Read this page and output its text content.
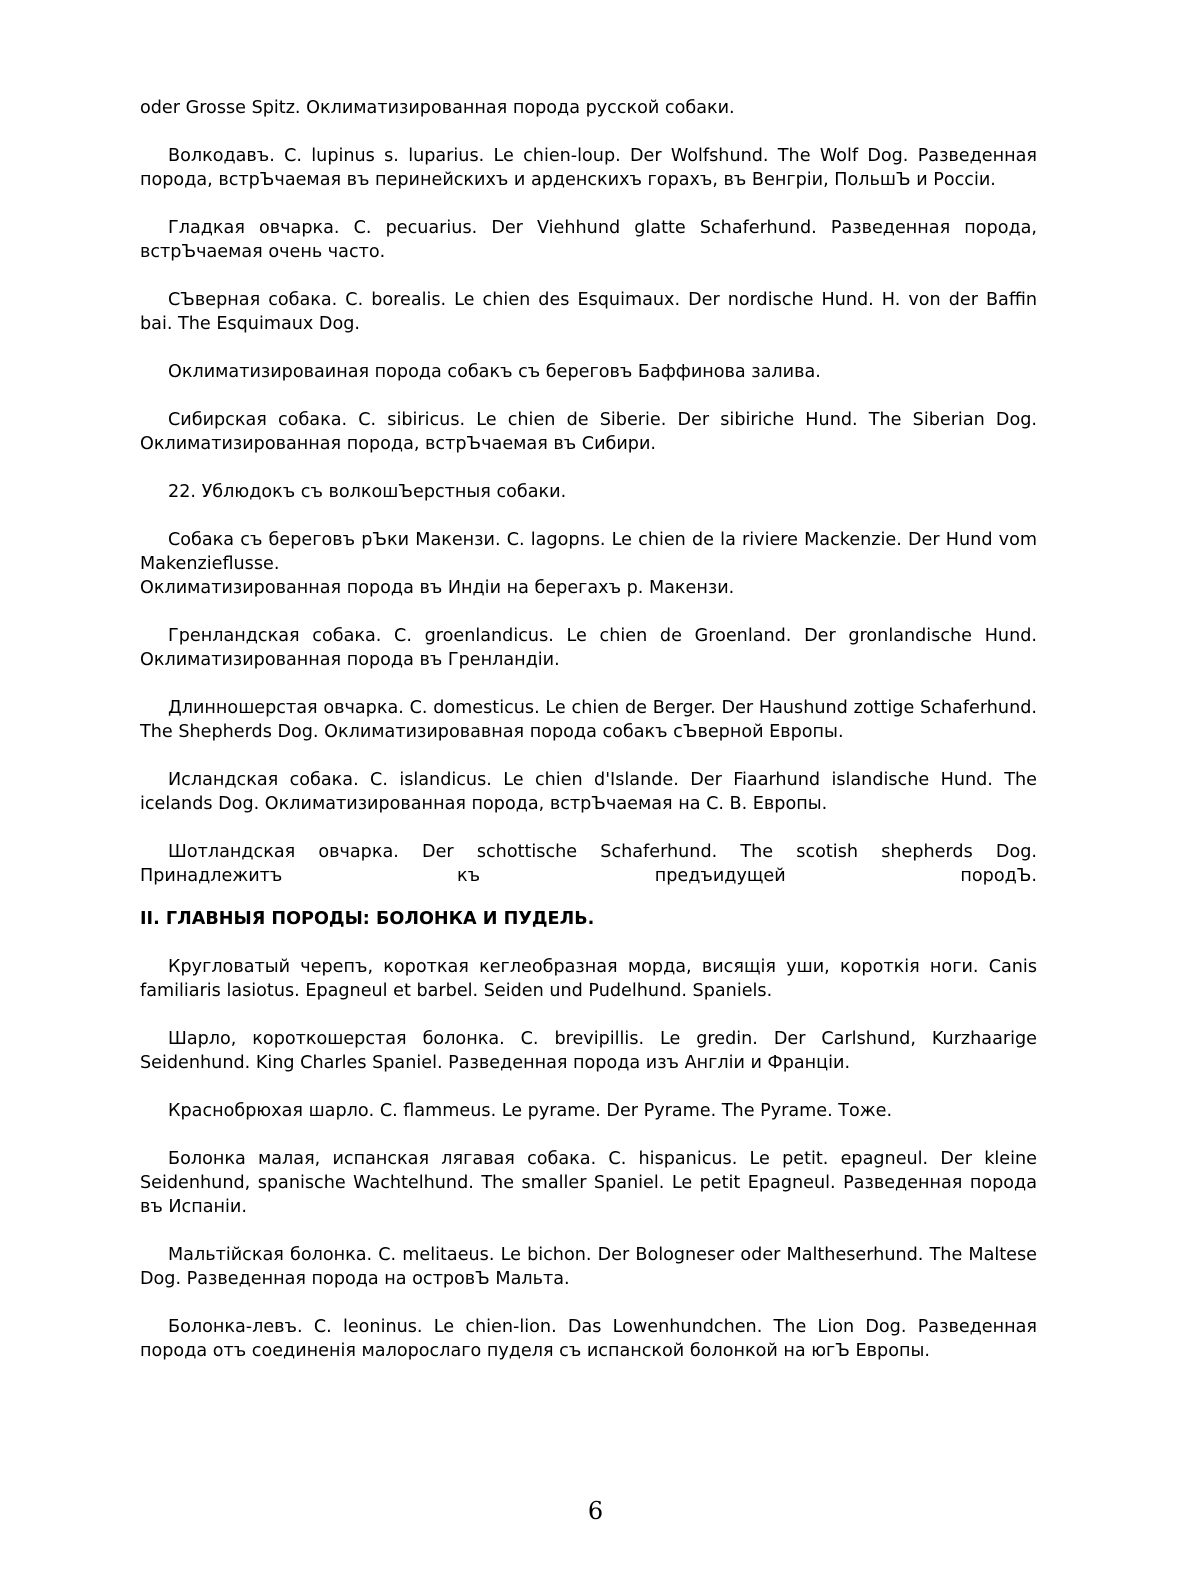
oder Grosse Spitz. Оклиматизированная порода русской собаки.

Волкодавъ. С. lupinus s. luparius. Le chien-loup. Der Wolfshund. The Wolf Dog. Разведенная порода, встрЪчаемая въ перинейскихъ и арденскихъ горахъ, въ Венгрiи, ПольшЪ и Россiи.

Гладкая овчарка. С. pecuarius. Der Viehhund glatte Schaferhund. Разведенная порода, встрЪчаемая очень часто.

СЪверная собака. С. borealis. Le chien des Esquimaux. Der nordische Hund. H. von der Baffin bai. The Esquimaux Dog.

Оклиматизироваиная порода собакъ съ береговъ Баффинова залива.

Сибирская собака. С. sibiricus. Le chien de Siberie. Der sibiriche Hund. The Siberian Dog. Оклиматизированная порода, встрЪчаемая въ Сибири.

22. Ублюдокъ съ волкошЪерстныя собаки.

Собака съ береговъ рЪки Макензи. С. lagopns. Le chien de la riviere Mackenzie. Der Hund vom Makenzieflusse.
Оклиматизированная порода въ Индiи на берегахъ р. Макензи.

Гренландская собака. С. groenlandicus. Le chien de Groenland. Der gronlandische Hund. Оклиматизированная порода въ Гренландiи.

Длинношерстая овчарка. С. domesticus. Le chien de Berger. Der Haushund zottige Schaferhund. The Shepherds Dog. Оклиматизировавная порода собакъ сЪверной Европы.

Исландская собака. С. islandicus. Le chien d'Islande. Der Fiaarhund islandische Hund. The icelands Dog. Оклиматизированная порода, встрЪчаемая на С. В. Европы.

Шотландская овчарка. Der schottische Schaferhund. The scotish shepherds Dog. Принадлежитъ къ предъидущей породЪ.

II. ГЛАВНЫЯ ПОРОДЫ: БОЛОНКА И ПУДЕЛЬ.

Кругловатый черепъ, короткая кеглеобразная морда, висящiя уши, короткiя ноги. Canis familiaris lasiotus. Epagneul et barbel. Seiden und Pudelhund. Spaniels.

Шарло, короткошерстая болонка. С. brevipillis. Le gredin. Der Carlshund, Kurzhaarige Seidenhund. King Charles Spaniel. Разведенная порода изъ Англiи и Францiи.

Краснобрюхая шарло. С. flammeus. Le pyrame. Der Pyrame. The Pyrame. Тоже.

Болонка малая, испанская лягавая собака. С. hispanicus. Le petit. epagneul. Der kleine Seidenhund, spanische Wachtelhund. The smaller Spaniel. Le petit Epagneul. Разведенная порода въ Испанiи.

Мальтiйская болонка. С. melitaeus. Le bichon. Der Bologneser oder Maltheserhund. The Maltese Dog. Разведенная порода на островЪ Мальта.

Болонка-левъ. С. leoninus. Le chien-lion. Das Lowenhundchen. The Lion Dog. Разведенная порода отъ соединенiя малорослаго пуделя съ испанской болонкой на югЪ Европы.

6
